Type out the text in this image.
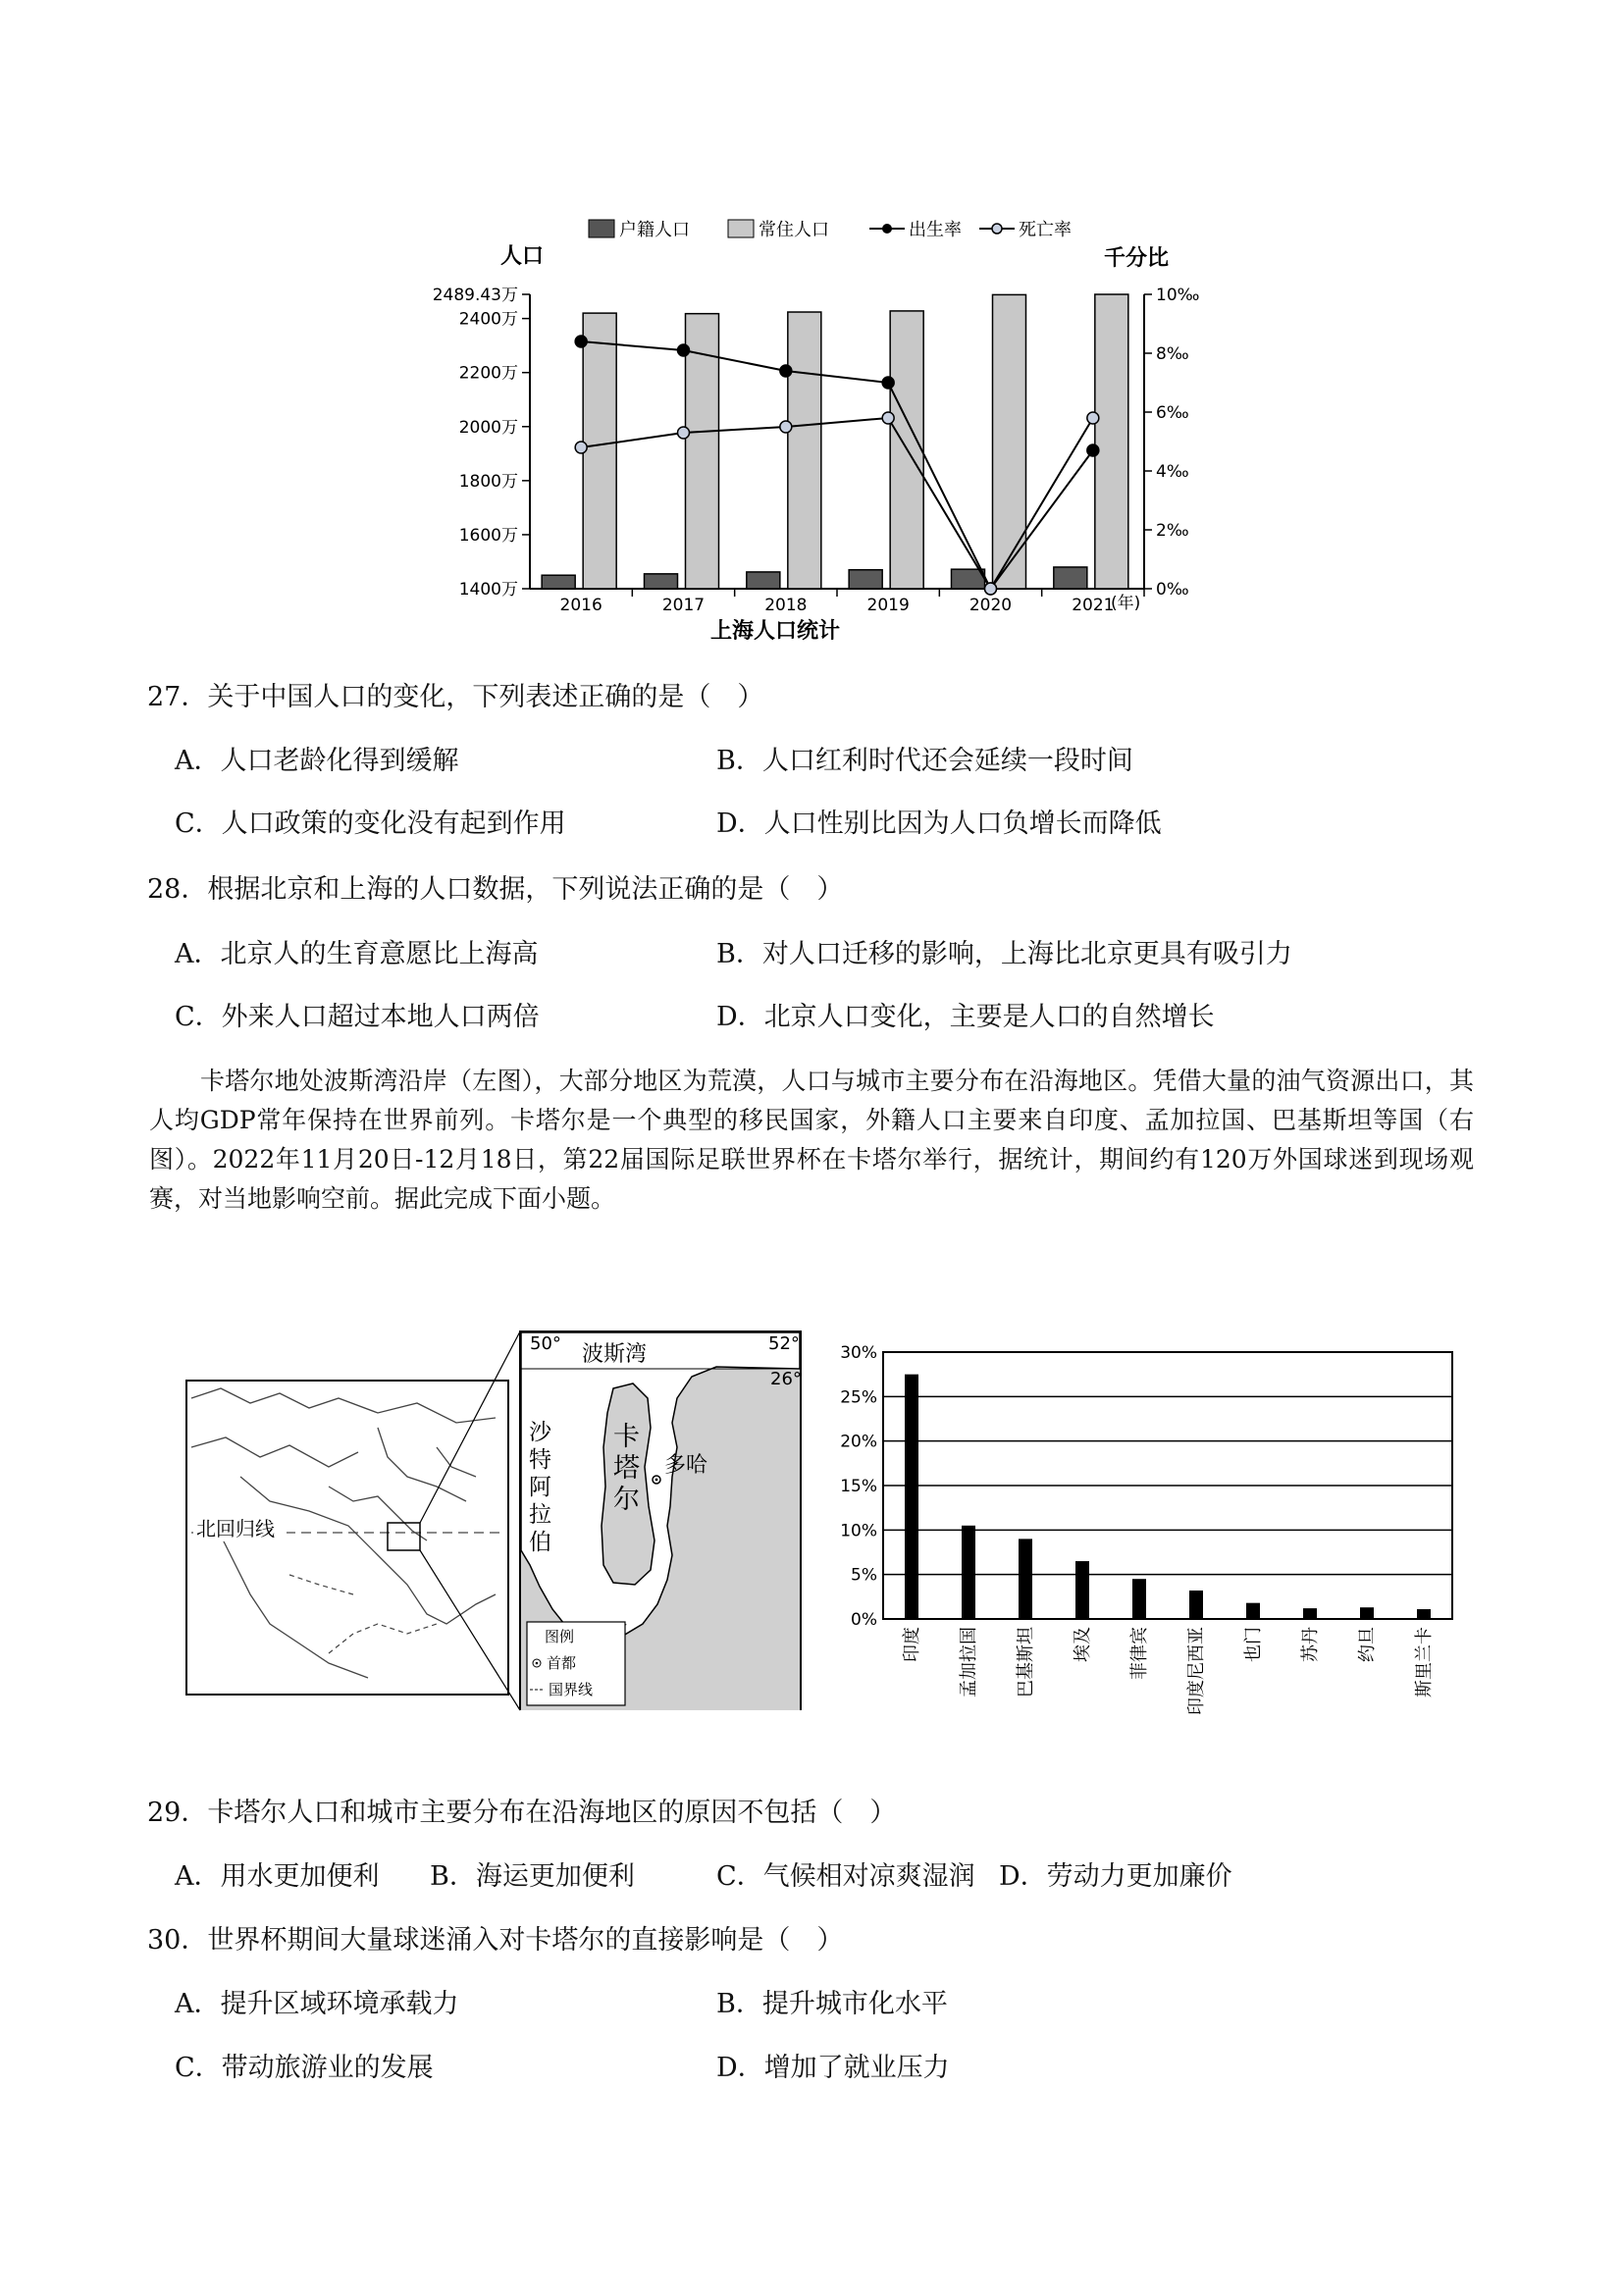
户籍人口	常住人口	出生率	死亡率
人口	千分比
2489.43万
2400万
2200万
2000万
1800万
1600万
1400万
10‰
8‰
6‰
4‰
2‰
0‰
2016	2017	2018	2019	2020	2021
(年)
上海人口统计
27．关于中国人口的变化，下列表述正确的是（　）
A．人口老龄化得到缓解	B．人口红利时代还会延续一段时间
C．人口政策的变化没有起到作用	D．人口性别比因为人口负增长而降低
28．根据北京和上海的人口数据，下列说法正确的是（　）
A．北京人的生育意愿比上海高	B．对人口迁移的影响，上海比北京更具有吸引力
C．外来人口超过本地人口两倍	D．北京人口变化，主要是人口的自然增长
卡塔尔地处波斯湾沿岸（左图），大部分地区为荒漠，人口与城市主要分布在沿海地区。凭借大量的油气资源出口，其人均GDP常年保持在世界前列。卡塔尔是一个典型的移民国家，外籍人口主要来自印度、孟加拉国、巴基斯坦等国（右图）。2022年11月20日-12月18日，第22届国际足联世界杯在卡塔尔举行，据统计，期间约有120万外国球迷到现场观赛，对当地影响空前。据此完成下面小题。
北回归线
50°	52°
26°
波斯湾
沙
特
阿
拉
伯
卡
塔
尔
多哈
图例
首都
国界线
0%
5%
10%
15%
20%
25%
30%
印度 孟加拉国 巴基斯坦 埃及 菲律宾 印度尼西亚 也门 苏丹 约旦 斯里兰卡
29．卡塔尔人口和城市主要分布在沿海地区的原因不包括（　）
A．用水更加便利 B．海运更加便利	C．气候相对凉爽湿润 D．劳动力更加廉价
30．世界杯期间大量球迷涌入对卡塔尔的直接影响是（　）
A．提升区域环境承载力	B．提升城市化水平
C．带动旅游业的发展	D．增加了就业压力
